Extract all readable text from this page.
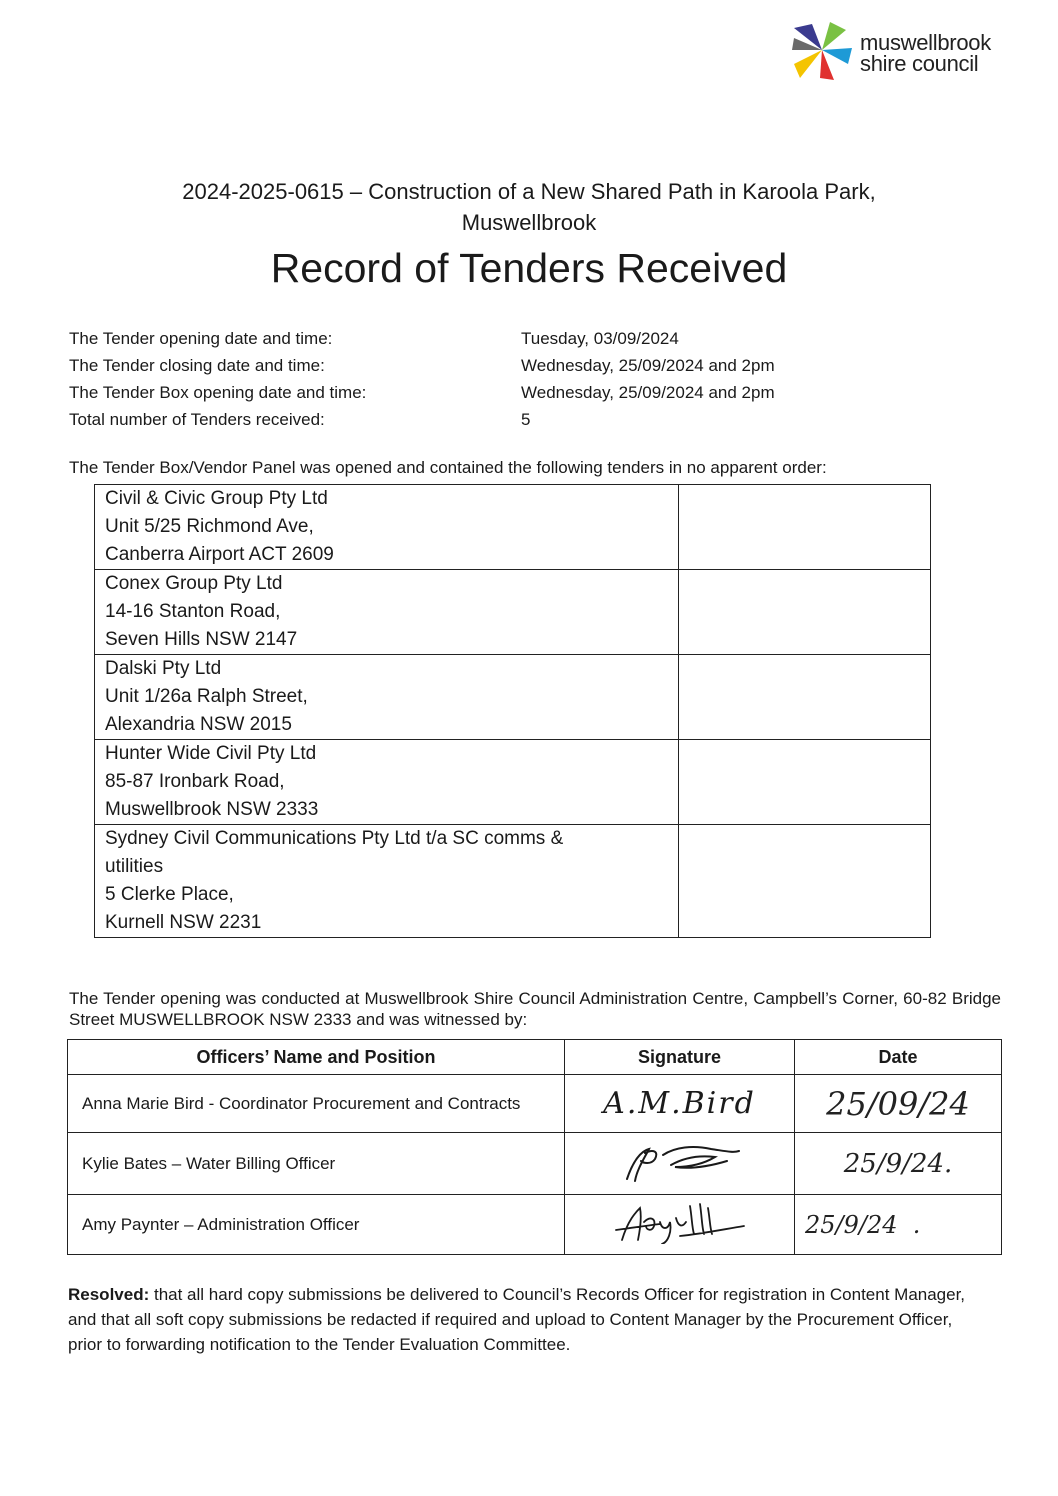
muswellbrook
shire council
2024-2025-0615 – Construction of a New Shared Path in Karoola Park,
Muswellbrook
Record of Tenders Received
The Tender opening date and time:	Tuesday, 03/09/2024
The Tender closing date and time:	Wednesday, 25/09/2024 and 2pm
The Tender Box opening date and time:	Wednesday, 25/09/2024 and 2pm
Total number of Tenders received:	5
The Tender Box/Vendor Panel was opened and contained the following tenders in no apparent order:
Civil & Civic Group Pty Ltd
Unit 5/25 Richmond Ave,
Canberra Airport ACT 2609	

Conex Group Pty Ltd
14-16 Stanton Road,
Seven Hills NSW 2147	

Dalski Pty Ltd
Unit 1/26a Ralph Street,
Alexandria NSW 2015	

Hunter Wide Civil Pty Ltd
85-87 Ironbark Road,
Muswellbrook NSW 2333	

Sydney Civil Communications Pty Ltd t/a SC comms &
utilities
5 Clerke Place,
Kurnell NSW 2231	

The Tender opening was conducted at Muswellbrook Shire Council Administration Centre, Campbell’s Corner, 60-82 Bridge Street MUSWELLBROOK NSW 2333 and was witnessed by:
Officers’ Name and Position	Signature	Date
Anna Marie Bird - Coordinator Procurement and Contracts	A.M.Bird	25/09/24
Kylie Bates – Water Billing Officer		25/9/24.
Amy Paynter – Administration Officer		25/9/24  .
Resolved: that all hard copy submissions be delivered to Council’s Records Officer for registration in Content Manager, and that all soft copy submissions be redacted if required and upload to Content Manager by the Procurement Officer, prior to forwarding notification to the Tender Evaluation Committee.
